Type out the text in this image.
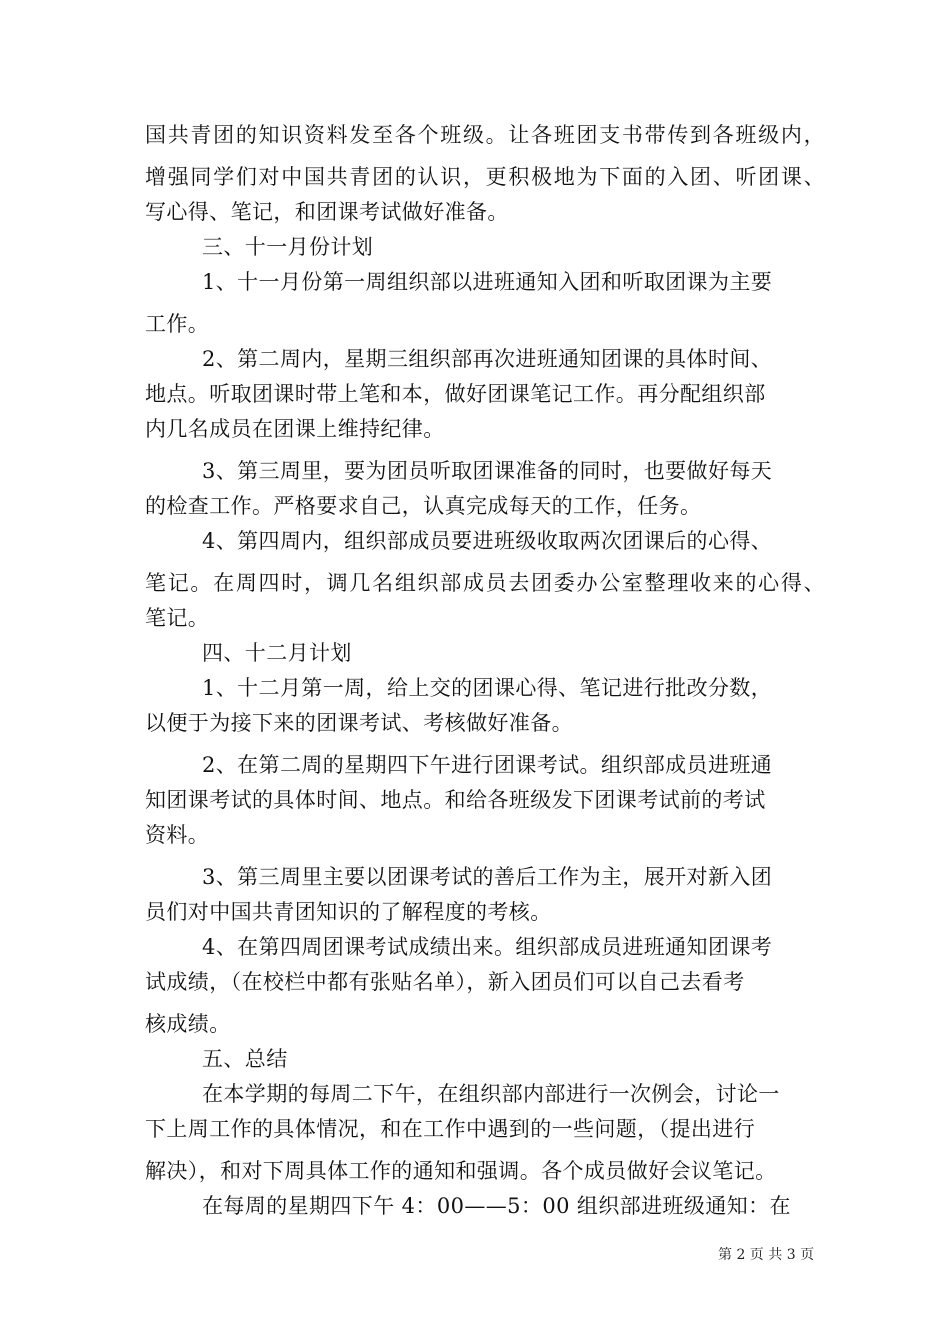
国共青团的知识资料发至各个班级。让各班团支书带传到各班级内，
增强同学们对中国共青团的认识，更积极地为下面的入团、听团课、
写心得、笔记，和团课考试做好准备。
三、十一月份计划
1、十一月份第一周组织部以进班通知入团和听取团课为主要
工作。
2、第二周内，星期三组织部再次进班通知团课的具体时间、
地点。听取团课时带上笔和本，做好团课笔记工作。再分配组织部
内几名成员在团课上维持纪律。
3、第三周里，要为团员听取团课准备的同时，也要做好每天
的检查工作。严格要求自己，认真完成每天的工作，任务。
4、第四周内，组织部成员要进班级收取两次团课后的心得、
笔记。在周四时，调几名组织部成员去团委办公室整理收来的心得、
笔记。
四、十二月计划
1、十二月第一周，给上交的团课心得、笔记进行批改分数，
以便于为接下来的团课考试、考核做好准备。
2、在第二周的星期四下午进行团课考试。组织部成员进班通
知团课考试的具体时间、地点。和给各班级发下团课考试前的考试
资料。
3、第三周里主要以团课考试的善后工作为主，展开对新入团
员们对中国共青团知识的了解程度的考核。
4、在第四周团课考试成绩出来。组织部成员进班通知团课考
试成绩，（在校栏中都有张贴名单），新入团员们可以自己去看考
核成绩。
五、总结
在本学期的每周二下午，在组织部内部进行一次例会，讨论一
下上周工作的具体情况，和在工作中遇到的一些问题，（提出进行
解决），和对下周具体工作的通知和强调。各个成员做好会议笔记。
在每周的星期四下午 4：00——5：00 组织部进班级通知：在
第 2 页 共 3 页
